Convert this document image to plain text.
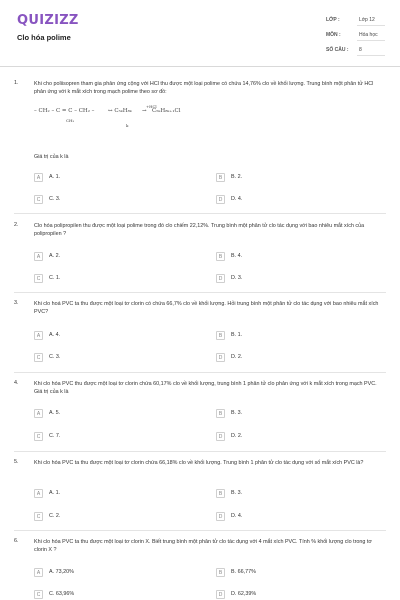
QUIZIZZ
Clo hóa polime
LỚP :	Lớp 12
MÔN :	Hóa học
SỐ CÂU : 8
1.	Khi cho poliisopren tham gia phản ứng cộng với HCl thu được một loại polime có chứa 14,76% clo về khối lượng. Trung bình một phân tử HCl phản ứng với k mắt xích trong mạch polime theo sơ đồ:
– CH₂ – C = C – CH₂ –
CH₃
↔ C₅ₖH₈ₖ
+HCl
→ C₅ₖH₈ₖ₊₁Cl
k
Giá trị của k là
A	A. 1.	B	B. 2.
C	C. 3.	D	D. 4.
2.	Clo hóa polipropilen thu được một loại polime trong đó clo chiếm 22,12%. Trung bình một phân tử clo tác dụng với bao nhiêu mắt xích của polipropilen ?
A	A. 2.	B	B. 4.
C	C. 1.	D	D. 3.
3.	Khi clo hoá PVC ta thu được một loại tơ clorin có chứa 66,7% clo về khối lượng. Hỏi trung bình một phân tử clo tác dụng với bao nhiêu mắt xích PVC?
A	A. 4.	B	B. 1.
C	C. 3.	D	D. 2.
4.	Khi clo hóa PVC thu được một loại tơ clorin chứa 60,17% clo về khối lượng, trung bình 1 phân tử clo phản ứng với k mắt xích trong mạch PVC. Giá trị của k là
A	A. 5.	B	B. 3.
C	C. 7.	D	D. 2.
5.	Khi clo hóa PVC ta thu được một loại tơ clorin chứa 66,18% clo về khối lượng. Trung bình 1 phân tử clo tác dụng với số mắt xích PVC là?
A	A. 1.	B	B. 3.
C	C. 2.	D	D. 4.
6.	Khi clo hóa PVC ta thu được một loại tơ clorin X. Biết trung bình một phân tử clo tác dụng với 4 mắt xích PVC. Tính % khối lượng clo trong tơ clorin X ?
A	A. 73,20%	B	B. 66,77%
C	C. 63,96%	D	D. 62,39%
